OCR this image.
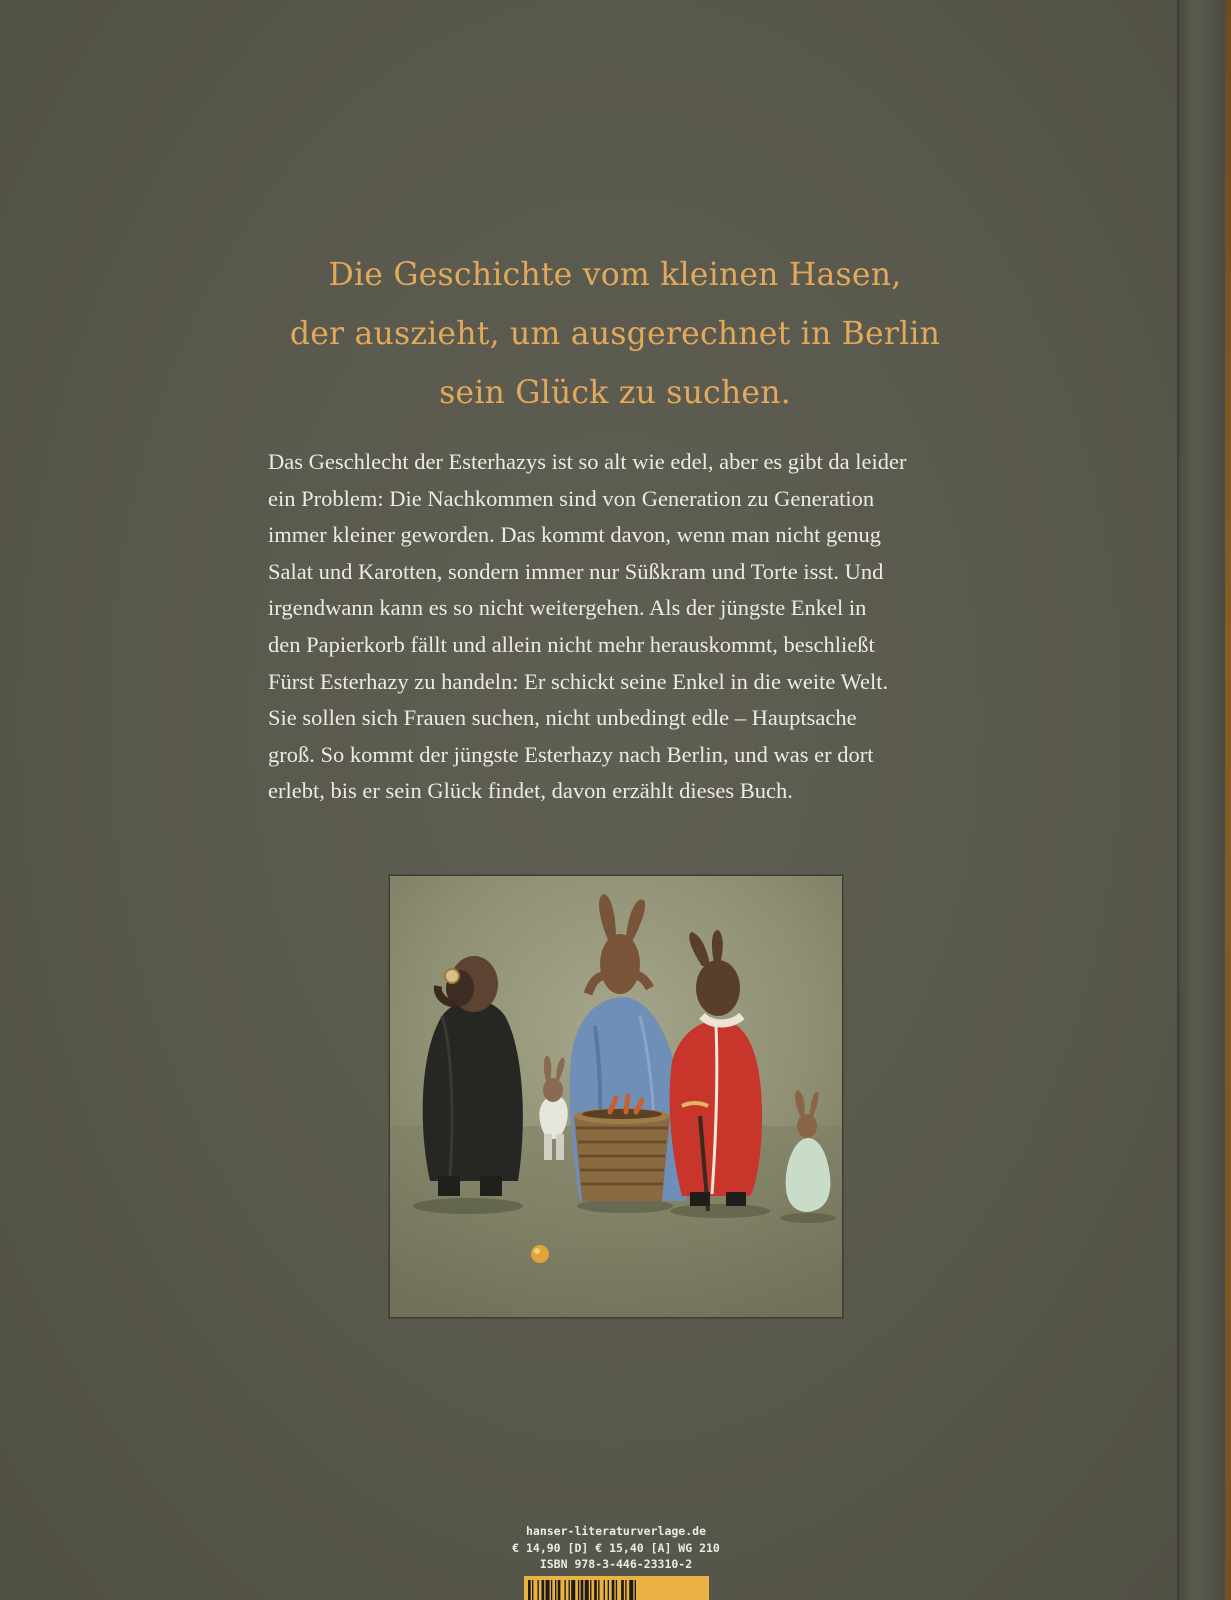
Die Geschichte vom kleinen Hasen,
der auszieht, um ausgerechnet in Berlin
sein Glück zu suchen.
Das Geschlecht der Esterhazys ist so alt wie edel, aber es gibt da leider
ein Problem: Die Nachkommen sind von Generation zu Generation
immer kleiner geworden. Das kommt davon, wenn man nicht genug
Salat und Karotten, sondern immer nur Süßkram und Torte isst. Und
irgendwann kann es so nicht weitergehen. Als der jüngste Enkel in
den Papierkorb fällt und allein nicht mehr herauskommt, beschließt
Fürst Esterhazy zu handeln: Er schickt seine Enkel in die weite Welt.
Sie sollen sich Frauen suchen, nicht unbedingt edle – Hauptsache
groß. So kommt der jüngste Esterhazy nach Berlin, und was er dort
erlebt, bis er sein Glück findet, davon erzählt dieses Buch.
hanser-literaturverlage.de
€ 14,90 [D] € 15,40 [A] WG 210
ISBN 978-3-446-23310-2
